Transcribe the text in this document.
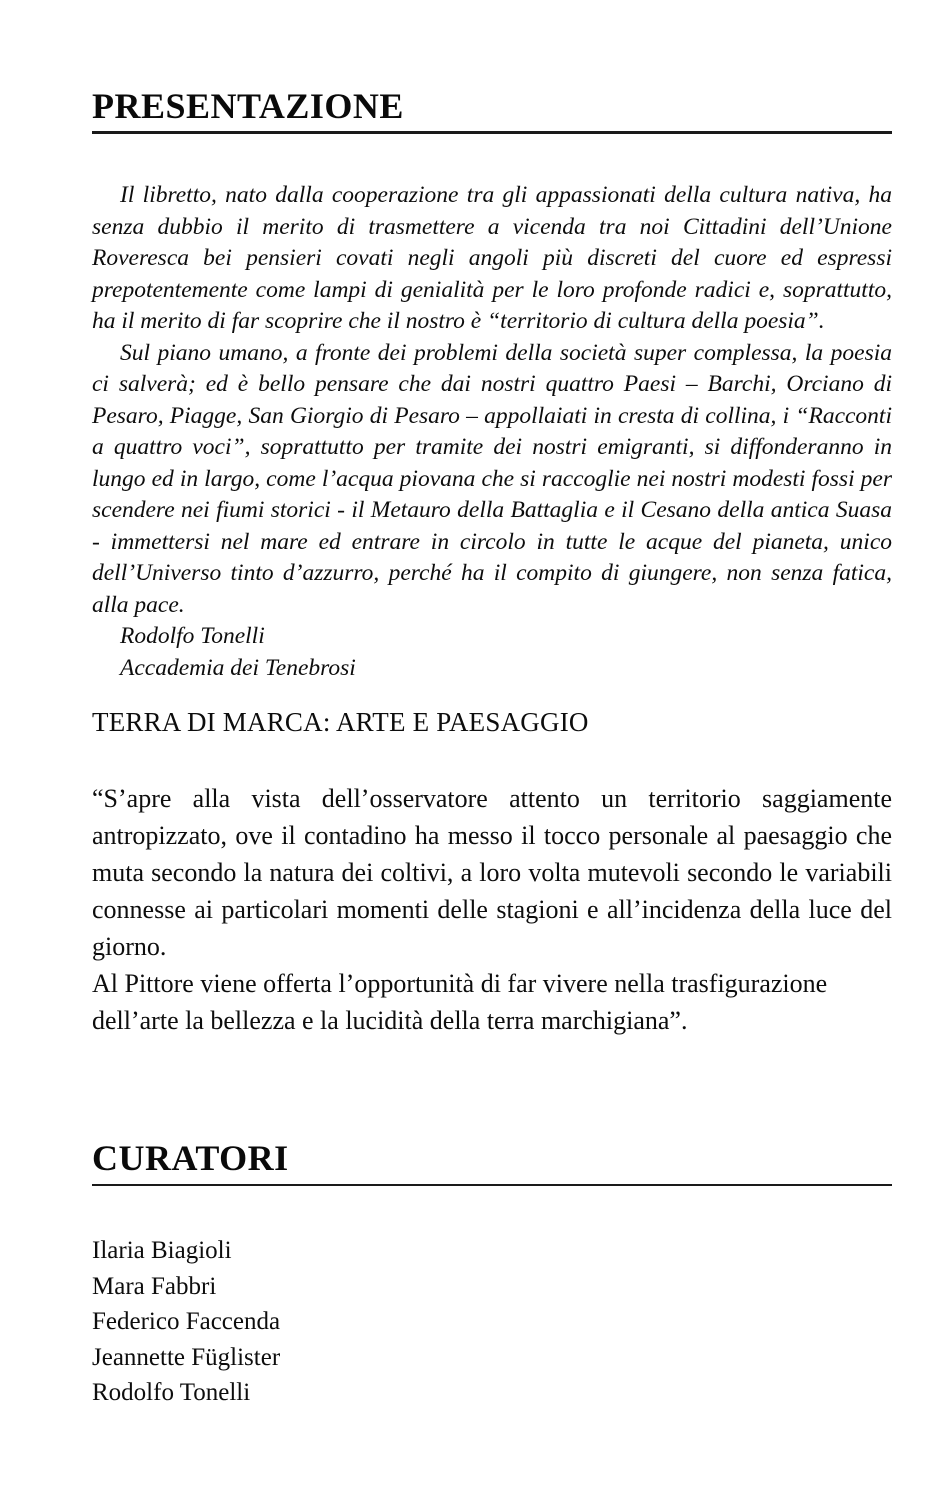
PRESENTAZIONE

Il libretto, nato dalla cooperazione tra gli appassionati della cultura nativa, ha senza dubbio il merito di trasmettere a vicenda tra noi Cittadini dell’Unione Roveresca bei pensieri covati negli angoli più discreti del cuore ed espressi prepotentemente come lampi di genialità per le loro profonde radici e, soprattutto, ha il merito di far scoprire che il nostro è “territorio di cultura della poesia”.

Sul piano umano, a fronte dei problemi della società super complessa, la poesia ci salverà; ed è bello pensare che dai nostri quattro Paesi – Barchi, Orciano di Pesaro, Piagge, San Giorgio di Pesaro – appollaiati in cresta di collina, i “Racconti a quattro voci”, soprattutto per tramite dei nostri emigranti, si diffonderanno in lungo ed in largo, come l’acqua piovana che si raccoglie nei nostri modesti fossi per scendere nei fiumi storici - il Metauro della Battaglia e il Cesano della antica Suasa - immettersi nel mare ed entrare in circolo in tutte le acque del pianeta, unico dell’Universo tinto d’azzurro, perché ha il compito di giungere, non senza fatica, alla pace.

Rodolfo Tonelli

Accademia dei Tenebrosi

TERRA DI MARCA: ARTE E PAESAGGIO

“S’apre alla vista dell’osservatore attento un territorio saggiamente antropizzato, ove il contadino ha messo il tocco personale al paesaggio che muta secondo la natura dei coltivi, a loro volta mutevoli secondo le variabili connesse ai particolari momenti delle stagioni e all’incidenza della luce del giorno.

Al Pittore viene offerta l’opportunità di far vivere nella trasfigurazione dell’arte la bellezza e la lucidità della terra marchigiana”.

CURATORI
Ilaria Biagioli
Mara Fabbri
Federico Faccenda
Jeannette Füglister
Rodolfo Tonelli
